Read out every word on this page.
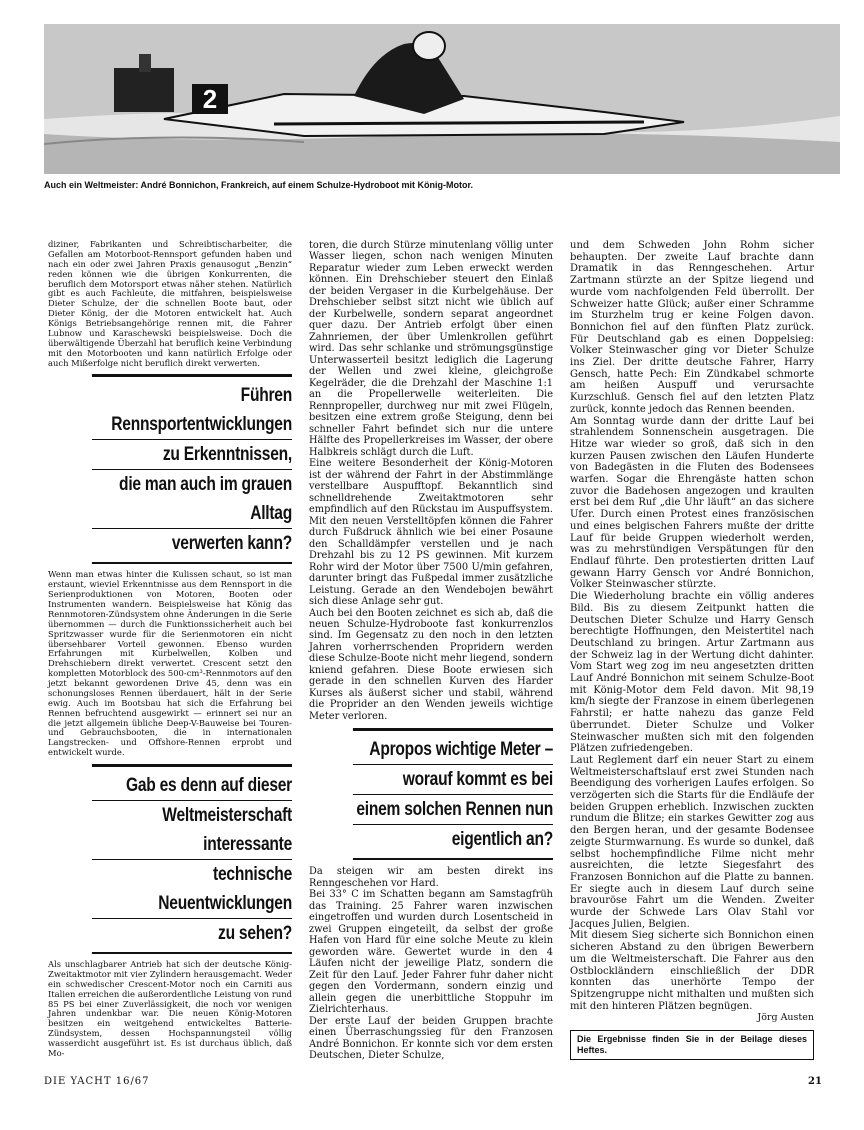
2
Auch ein Weltmeister: André Bonnichon, Frankreich, auf einem Schulze-Hydroboot mit König-Motor.

diziner, Fabrikanten und Schreibtischarbeiter, die Gefallen am Motorboot-Rennsport gefunden haben und nach ein oder zwei Jahren Praxis genausogut „Benzin“ reden können wie die übrigen Konkurrenten, die beruflich dem Motorsport etwas näher stehen. Natürlich gibt es auch Fachleute, die mitfahren, beispielsweise Dieter Schulze, der die schnellen Boote baut, oder Dieter König, der die Motoren entwickelt hat. Auch Königs Betriebsangehörige rennen mit, die Fahrer Lubnow und Karaschewski beispielsweise. Doch die überwältigende Überzahl hat beruflich keine Verbindung mit den Motorbooten und kann natürlich Erfolge oder auch Mißerfolge nicht beruflich direkt verwerten.

Führen Rennsportentwicklungen
zu Erkenntnissen,
die man auch im grauen Alltag
verwerten kann?

Wenn man etwas hinter die Kulissen schaut, so ist man erstaunt, wieviel Erkenntnisse aus dem Rennsport in die Serienproduktionen von Motoren, Booten oder Instrumenten wandern. Beispielsweise hat König das Rennmotoren-Zündsystem ohne Änderungen in die Serie übernommen — durch die Funktionssicherheit auch bei Spritzwasser wurde für die Serienmotoren ein nicht übersehbarer Vorteil gewonnen. Ebenso wurden Erfahrungen mit Kurbelwellen, Kolben und Drehschiebern direkt verwertet. Crescent setzt den kompletten Motorblock des 500-cm³-Rennmotors auf den jetzt bekannt gewordenen Drive 45, denn was ein schonungsloses Rennen überdauert, hält in der Serie ewig. Auch im Bootsbau hat sich die Erfahrung bei Rennen befruchtend ausgewirkt — erinnert sei nur an die jetzt allgemein übliche Deep-V-Bauweise bei Touren- und Gebrauchsbooten, die in internationalen Langstrecken- und Offshore-Rennen erprobt und entwickelt wurde.

Gab es denn auf dieser
Weltmeisterschaft interessante
technische Neuentwicklungen
zu sehen?

Als unschlagbarer Antrieb hat sich der deutsche König-Zweitaktmotor mit vier Zylindern herausgemacht. Weder ein schwedischer Crescent-Motor noch ein Carniti aus Italien erreichen die außerordentliche Leistung von rund 85 PS bei einer Zuverlässigkeit, die noch vor wenigen Jahren undenkbar war. Die neuen König-Motoren besitzen ein weitgehend entwickeltes Batterie-Zündsystem, dessen Hochspannungsteil völlig wasserdicht ausgeführt ist. Es ist durchaus üblich, daß Mo-

toren, die durch Stürze minutenlang völlig unter Wasser liegen, schon nach wenigen Minuten Reparatur wieder zum Leben erweckt werden können. Ein Drehschieber steuert den Einlaß der beiden Vergaser in die Kurbelgehäuse. Der Drehschieber selbst sitzt nicht wie üblich auf der Kurbelwelle, sondern separat angeordnet quer dazu. Der Antrieb erfolgt über einen Zahnriemen, der über Umlenkrollen geführt wird. Das sehr schlanke und strömungsgünstige Unterwasserteil besitzt lediglich die Lagerung der Wellen und zwei kleine, gleichgroße Kegelräder, die die Drehzahl der Maschine 1:1 an die Propellerwelle weiterleiten. Die Rennpropeller, durchweg nur mit zwei Flügeln, besitzen eine extrem große Steigung, denn bei schneller Fahrt befindet sich nur die untere Hälfte des Propellerkreises im Wasser, der obere Halbkreis schlägt durch die Luft.

Eine weitere Besonderheit der König-Motoren ist der während der Fahrt in der Abstimmlänge verstellbare Auspufftopf. Bekanntlich sind schnelldrehende Zweitaktmotoren sehr empfindlich auf den Rückstau im Auspuffsystem. Mit den neuen Verstelltöpfen können die Fahrer durch Fußdruck ähnlich wie bei einer Posaune den Schalldämpfer verstellen und je nach Drehzahl bis zu 12 PS gewinnen. Mit kurzem Rohr wird der Motor über 7500 U/min gefahren, darunter bringt das Fußpedal immer zusätzliche Leistung. Gerade an den Wendebojen bewährt sich diese Anlage sehr gut.

Auch bei den Booten zeichnet es sich ab, daß die neuen Schulze-Hydroboote fast konkurrenzlos sind. Im Gegensatz zu den noch in den letzten Jahren vorherrschenden Propridern werden diese Schulze-Boote nicht mehr liegend, sondern kniend gefahren. Diese Boote erwiesen sich gerade in den schnellen Kurven des Harder Kurses als äußerst sicher und stabil, während die Proprider an den Wenden jeweils wichtige Meter verloren.

Apropos wichtige Meter –
worauf kommt es bei
einem solchen Rennen nun
eigentlich an?

Da steigen wir am besten direkt ins Renngeschehen vor Hard.

Bei 33° C im Schatten begann am Samstagfrüh das Training. 25 Fahrer waren inzwischen eingetroffen und wurden durch Losentscheid in zwei Gruppen eingeteilt, da selbst der große Hafen von Hard für eine solche Meute zu klein geworden wäre. Gewertet wurde in den 4 Läufen nicht der jeweilige Platz, sondern die Zeit für den Lauf. Jeder Fahrer fuhr daher nicht gegen den Vordermann, sondern einzig und allein gegen die unerbittliche Stoppuhr im Zielrichterhaus.

Der erste Lauf der beiden Gruppen brachte einen Überraschungssieg für den Franzosen André Bonnichon. Er konnte sich vor dem ersten Deutschen, Dieter Schulze,

und dem Schweden John Rohm sicher behaupten. Der zweite Lauf brachte dann Dramatik in das Renngeschehen. Artur Zartmann stürzte an der Spitze liegend und wurde vom nachfolgenden Feld überrollt. Der Schweizer hatte Glück; außer einer Schramme im Sturzhelm trug er keine Folgen davon. Bonnichon fiel auf den fünften Platz zurück. Für Deutschland gab es einen Doppelsieg: Volker Steinwascher ging vor Dieter Schulze ins Ziel. Der dritte deutsche Fahrer, Harry Gensch, hatte Pech: Ein Zündkabel schmorte am heißen Auspuff und verursachte Kurzschluß. Gensch fiel auf den letzten Platz zurück, konnte jedoch das Rennen beenden.

Am Sonntag wurde dann der dritte Lauf bei strahlendem Sonnenschein ausgetragen. Die Hitze war wieder so groß, daß sich in den kurzen Pausen zwischen den Läufen Hunderte von Badegästen in die Fluten des Bodensees warfen. Sogar die Ehrengäste hatten schon zuvor die Badehosen angezogen und kraulten erst bei dem Ruf „die Uhr läuft“ an das sichere Ufer. Durch einen Protest eines französischen und eines belgischen Fahrers mußte der dritte Lauf für beide Gruppen wiederholt werden, was zu mehrstündigen Verspätungen für den Endlauf führte. Den protestierten dritten Lauf gewann Harry Gensch vor André Bonnichon, Volker Steinwascher stürzte.

Die Wiederholung brachte ein völlig anderes Bild. Bis zu diesem Zeitpunkt hatten die Deutschen Dieter Schulze und Harry Gensch berechtigte Hoffnungen, den Meistertitel nach Deutschland zu bringen. Artur Zartmann aus der Schweiz lag in der Wertung dicht dahinter. Vom Start weg zog im neu angesetzten dritten Lauf André Bonnichon mit seinem Schulze-Boot mit König-Motor dem Feld davon. Mit 98,19 km/h siegte der Franzose in einem überlegenen Fahrstil; er hatte nahezu das ganze Feld überrundet. Dieter Schulze und Volker Steinwascher mußten sich mit den folgenden Plätzen zufriedengeben.

Laut Reglement darf ein neuer Start zu einem Weltmeisterschaftslauf erst zwei Stunden nach Beendigung des vorherigen Laufes erfolgen. So verzögerten sich die Starts für die Endläufe der beiden Gruppen erheblich. Inzwischen zuckten rundum die Blitze; ein starkes Gewitter zog aus den Bergen heran, und der gesamte Bodensee zeigte Sturmwarnung. Es wurde so dunkel, daß selbst hochempfindliche Filme nicht mehr ausreichten, die letzte Siegesfahrt des Franzosen Bonnichon auf die Platte zu bannen. Er siegte auch in diesem Lauf durch seine bravouröse Fahrt um die Wenden. Zweiter wurde der Schwede Lars Olav Stahl vor Jacques Julien, Belgien.

Mit diesem Sieg sicherte sich Bonnichon einen sicheren Abstand zu den übrigen Bewerbern um die Weltmeisterschaft. Die Fahrer aus den Ostblockländern einschließlich der DDR konnten das unerhörte Tempo der Spitzengruppe nicht mithalten und mußten sich mit den hinteren Plätzen begnügen.

Jörg Austen
Die Ergebnisse finden Sie in der Beilage dieses Heftes.
DIE YACHT 16/67	21
